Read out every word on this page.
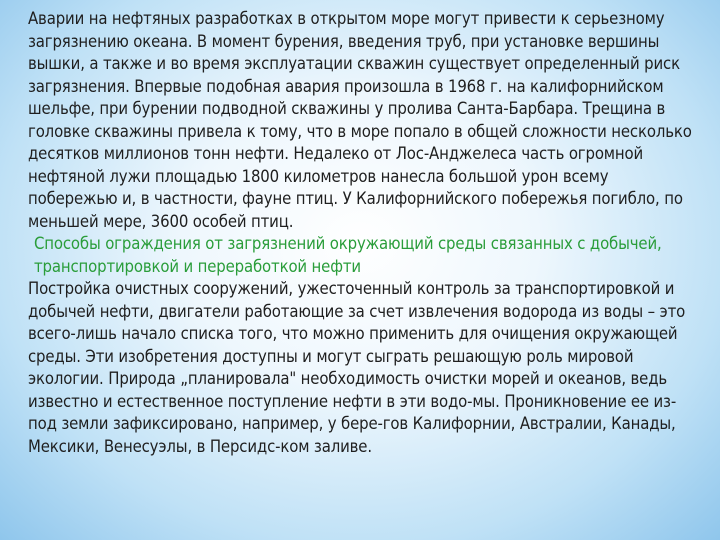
Аварии на нефтяных разработках в открытом море могут привести к серьезному загрязнению океана. В момент бурения, введения труб, при установке вершины вышки, а также и во время эксплуатации скважин существует определенный риск загрязнения. Впервые подобная авария произошла в 1968 г. на калифорнийском шельфе, при бурении подводной скважины у пролива Санта-Барбара. Трещина в головке скважины привела к тому, что в море попало в общей сложности несколько десятков миллионов тонн нефти. Недалеко от Лос-Анджелеса часть огромной нефтяной лужи площадью 1800 километров нанесла большой урон всему побережью и, в частности, фауне птиц. У Калифорнийского побережья погибло, по меньшей мере, 3600 особей птиц.

Способы ограждения от загрязнений окружающий среды связанных с добычей, транспортировкой и переработкой нефти

Постройка очистных сооружений, ужесточенный контроль за транспортировкой и добычей нефти, двигатели работающие за счет извлечения водорода из воды – это всего-лишь начало списка того, что можно применить для очищения окружающей среды. Эти изобретения доступны и могут сыграть решающую роль мировой экологии. Природа „планировала" необходимость очистки морей и океанов, ведь известно и естественное поступление нефти в эти водо-мы. Проникновение ее из-под земли зафиксировано, например, у бере-гов Калифорнии, Австралии, Канады, Мексики, Венесуэлы, в Персидс-ком заливе.
